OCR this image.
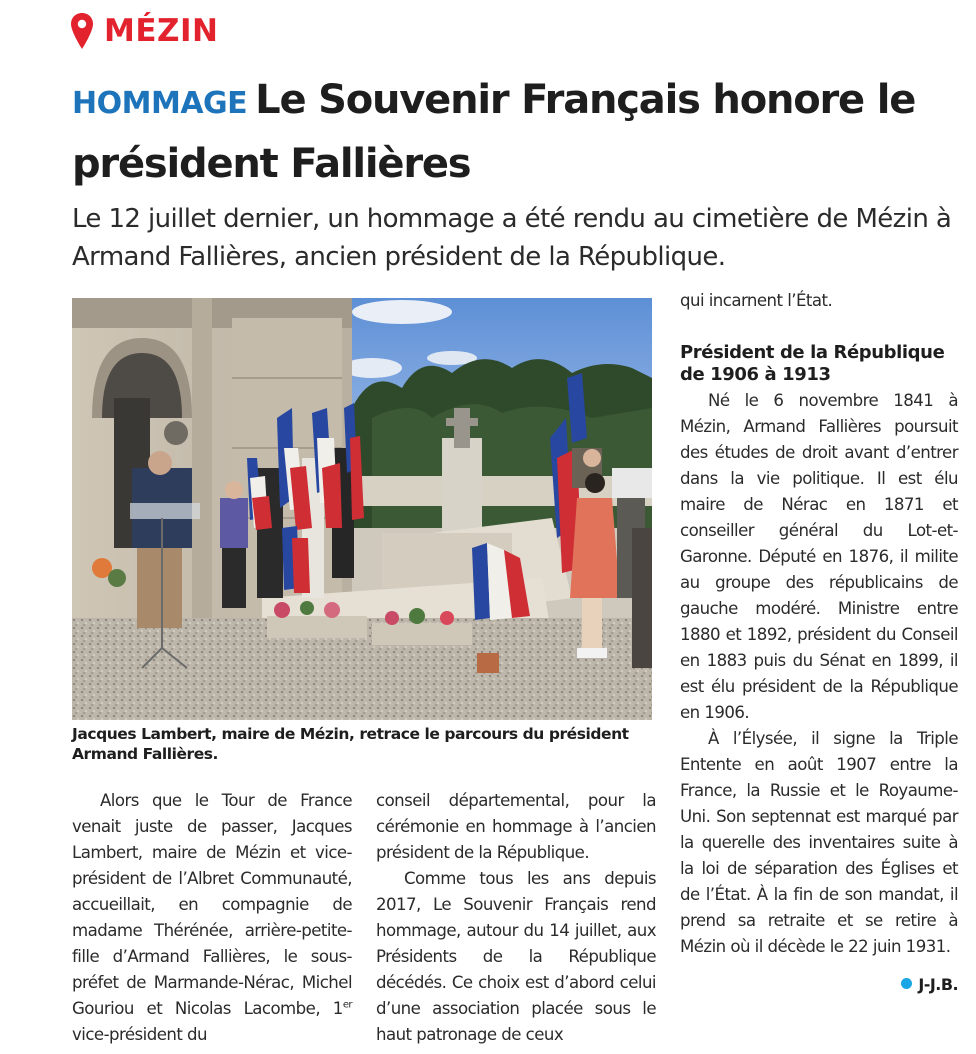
MÉZIN
HOMMAGE Le Souvenir Français honore le président Fallières

Le 12 juillet dernier, un hommage a été rendu au cimetière de Mézin à Armand Fallières, ancien président de la République.

Jacques Lambert, maire de Mézin, retrace le parcours du président Armand Fallières.

Alors que le Tour de France venait juste de passer, Jacques Lambert, maire de Mézin et vice-président de l’Albret Communauté, accueillait, en compagnie de madame Thérénée, arrière-petite-fille d’Armand Fallières, le sous-préfet de Marmande-Nérac, Michel Gouriou et Nicolas Lacombe, 1er vice-président du

conseil départemental, pour la cérémonie en hommage à l’ancien président de la République.

Comme tous les ans depuis 2017, Le Souvenir Français rend hommage, autour du 14 juillet, aux Présidents de la République décédés. Ce choix est d’abord celui d’une association placée sous le haut patronage de ceux

qui incarnent l’État.

Président de la République de 1906 à 1913

Né le 6 novembre 1841 à Mézin, Armand Fallières poursuit des études de droit avant d’entrer dans la vie politique. Il est élu maire de Nérac en 1871 et conseiller général du Lot-et-Garonne. Député en 1876, il milite au groupe des républicains de gauche modéré. Ministre entre 1880 et 1892, président du Conseil en 1883 puis du Sénat en 1899, il est élu président de la République en 1906.

À l’Élysée, il signe la Triple Entente en août 1907 entre la France, la Russie et le Royaume-Uni. Son septennat est marqué par la querelle des inventaires suite à la loi de séparation des Églises et de l’État. À la fin de son mandat, il prend sa retraite et se retire à Mézin où il décède le 22 juin 1931.

J-J.B.
